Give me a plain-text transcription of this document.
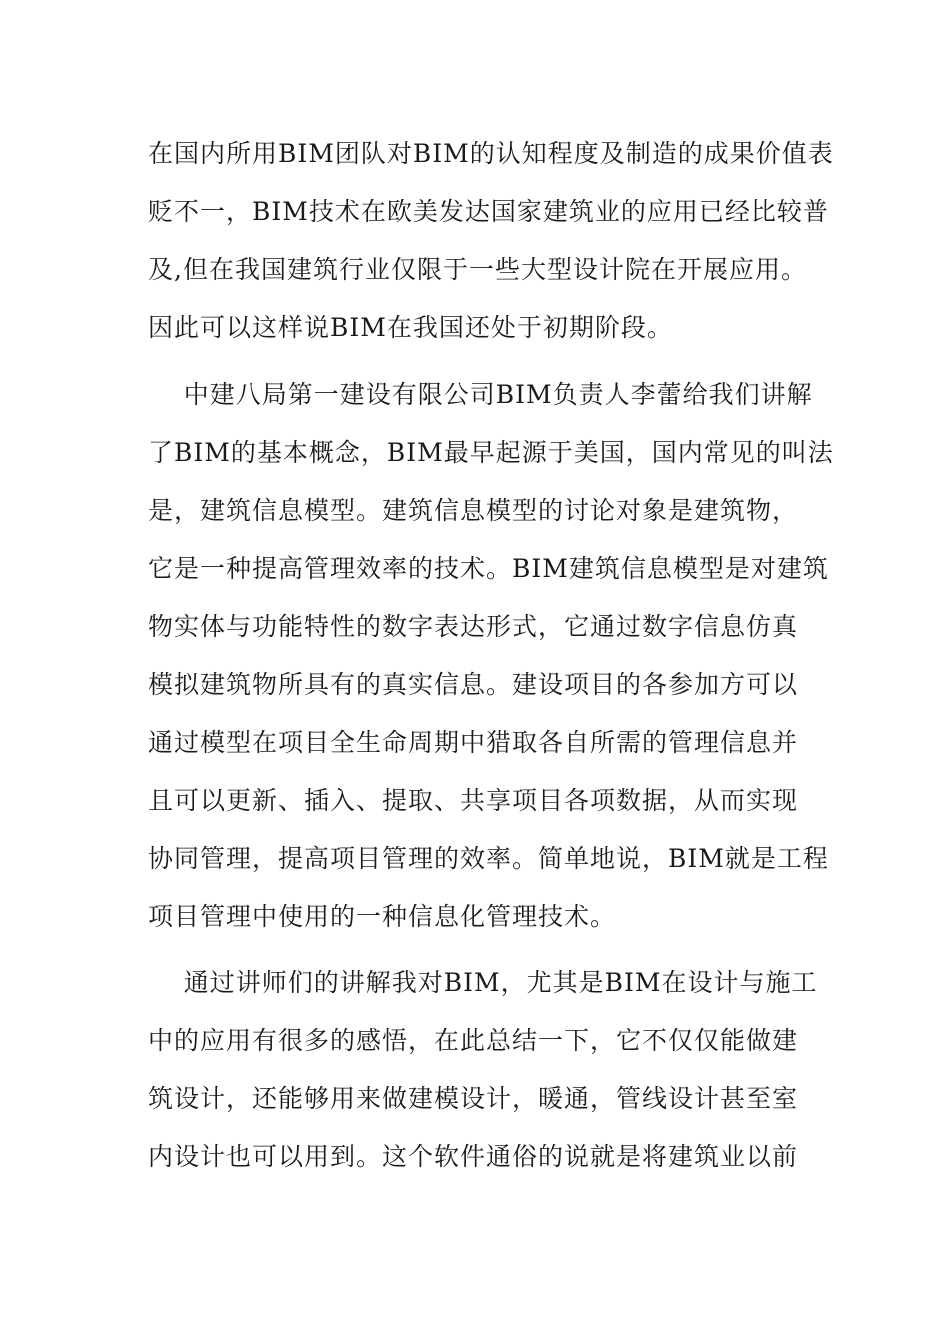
在国内所用BIM团队对BIM的认知程度及制造的成果价值表
贬不一，BIM技术在欧美发达国家建筑业的应用已经比较普
及,但在我国建筑行业仅限于一些大型设计院在开展应用。
因此可以这样说BIM在我国还处于初期阶段。
中建八局第一建设有限公司BIM负责人李蕾给我们讲解
了BIM的基本概念，BIM最早起源于美国，国内常见的叫法
是，建筑信息模型。建筑信息模型的讨论对象是建筑物，
它是一种提高管理效率的技术。BIM建筑信息模型是对建筑
物实体与功能特性的数字表达形式，它通过数字信息仿真
模拟建筑物所具有的真实信息。建设项目的各参加方可以
通过模型在项目全生命周期中猎取各自所需的管理信息并
且可以更新、插入、提取、共享项目各项数据，从而实现
协同管理，提高项目管理的效率。简单地说，BIM就是工程
项目管理中使用的一种信息化管理技术。
通过讲师们的讲解我对BIM，尤其是BIM在设计与施工
中的应用有很多的感悟，在此总结一下，它不仅仅能做建
筑设计，还能够用来做建模设计，暖通，管线设计甚至室
内设计也可以用到。这个软件通俗的说就是将建筑业以前
